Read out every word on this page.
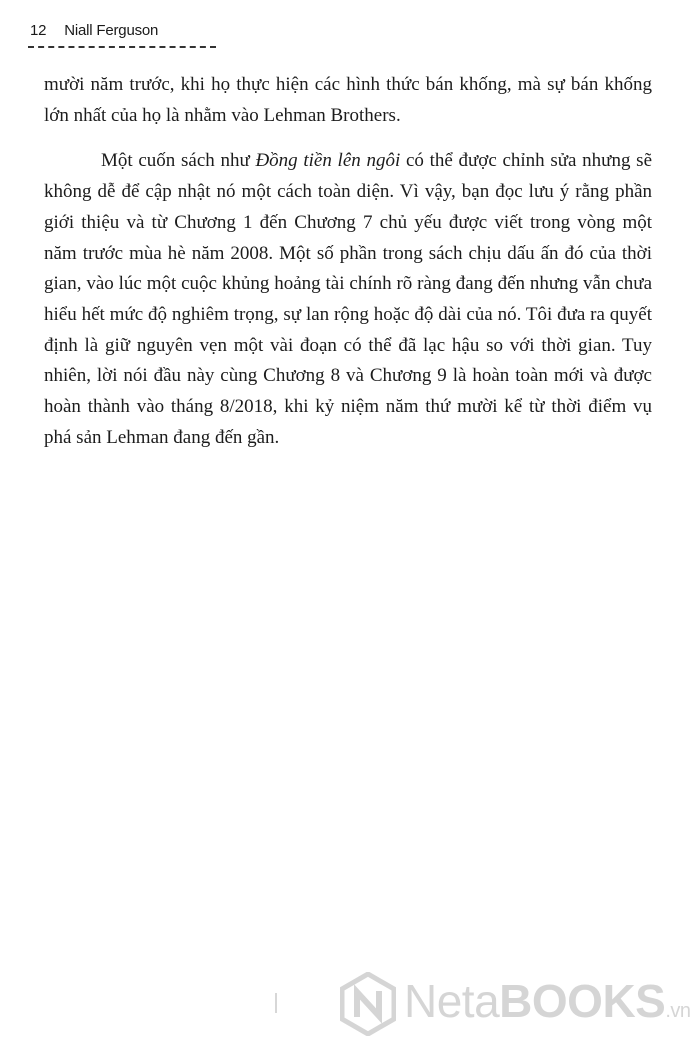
12 Niall Ferguson

mười năm trước, khi họ thực hiện các hình thức bán khống, mà sự bán khống lớn nhất của họ là nhằm vào Lehman Brothers.

Một cuốn sách như Đồng tiền lên ngôi có thể được chỉnh sửa nhưng sẽ không dễ để cập nhật nó một cách toàn diện. Vì vậy, bạn đọc lưu ý rằng phần giới thiệu và từ Chương 1 đến Chương 7 chủ yếu được viết trong vòng một năm trước mùa hè năm 2008. Một số phần trong sách chịu dấu ấn đó của thời gian, vào lúc một cuộc khủng hoảng tài chính rõ ràng đang đến nhưng vẫn chưa hiểu hết mức độ nghiêm trọng, sự lan rộng hoặc độ dài của nó. Tôi đưa ra quyết định là giữ nguyên vẹn một vài đoạn có thể đã lạc hậu so với thời gian. Tuy nhiên, lời nói đầu này cùng Chương 8 và Chương 9 là hoàn toàn mới và được hoàn thành vào tháng 8/2018, khi kỷ niệm năm thứ mười kể từ thời điểm vụ phá sản Lehman đang đến gần.

NetaBOOKS.vn
